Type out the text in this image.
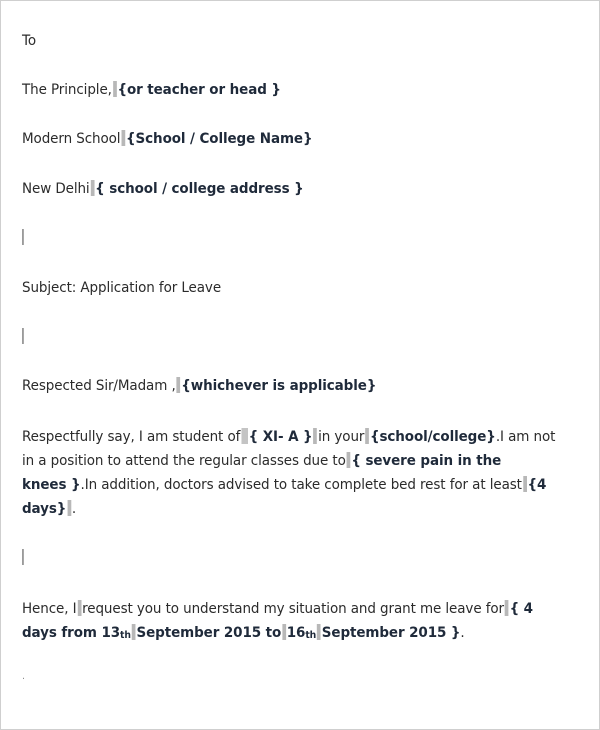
To
The Principle, {or teacher or head }
Modern School {School / College Name}
New Delhi { school / college address }
Subject: Application for Leave
Respected Sir/Madam , {whichever is applicable}
Respectfully say, I am student of { XI- A } in your {school/college}.I am not
in a position to attend the regular classes due to { severe pain in the
knees }.In addition, doctors advised to take complete bed rest for at least {4
days} .
Hence, I request you to understand my situation and grant me leave for { 4
days from 13th September 2015 to 16th September 2015 }.
.
